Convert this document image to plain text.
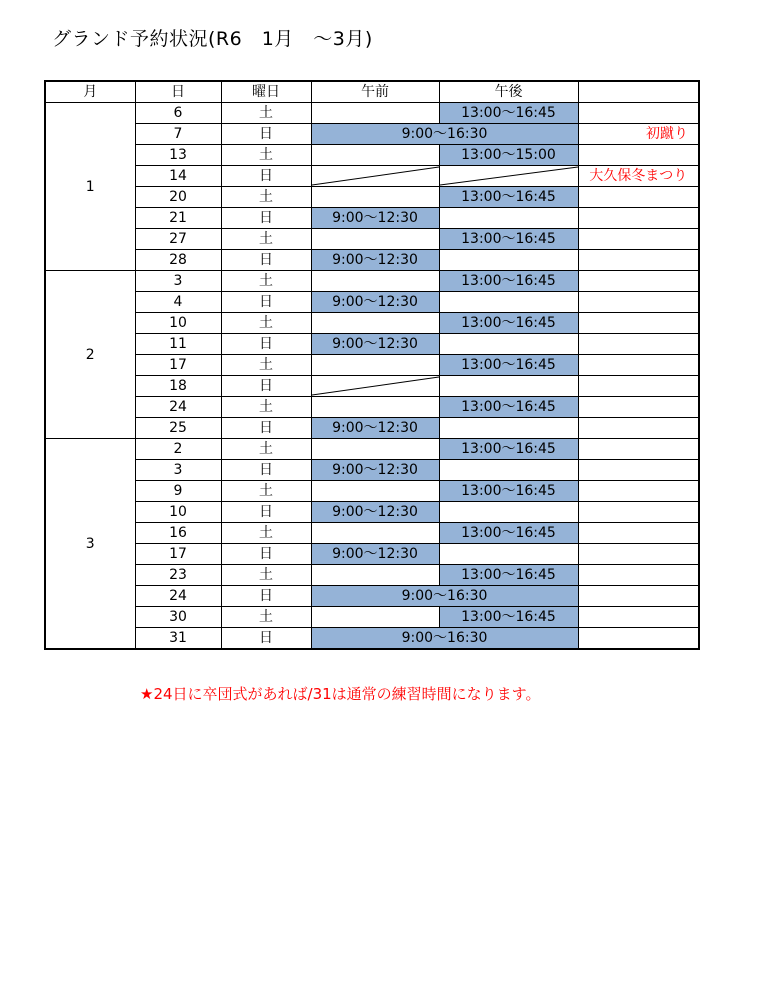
グランド予約状況(R6　1月　～3月)
月	日	曜日	午前	午後	
1	6	土		13:00～16:45	
	7	日	9:00～16:30		初蹴り
	13	土		13:00～15:00	
	14	日			大久保冬まつり
	20	土		13:00～16:45	
	21	日	9:00～12:30		
	27	土		13:00～16:45	
	28	日	9:00～12:30		
2	3	土		13:00～16:45	
	4	日	9:00～12:30		
	10	土		13:00～16:45	
	11	日	9:00～12:30		
	17	土		13:00～16:45	
	18	日	

	24	土		13:00～16:45	
	25	日	9:00～12:30		
3	2	土		13:00～16:45	
	3	日	9:00～12:30		
	9	土		13:00～16:45	
	10	日	9:00～12:30		
	16	土		13:00～16:45	
	17	日	9:00～12:30		
	23	土		13:00～16:45	
	24	日	9:00～16:30		
	30	土		13:00～16:45	
	31	日	9:00～16:30		
★24日に卒団式があれば/31は通常の練習時間になります。
